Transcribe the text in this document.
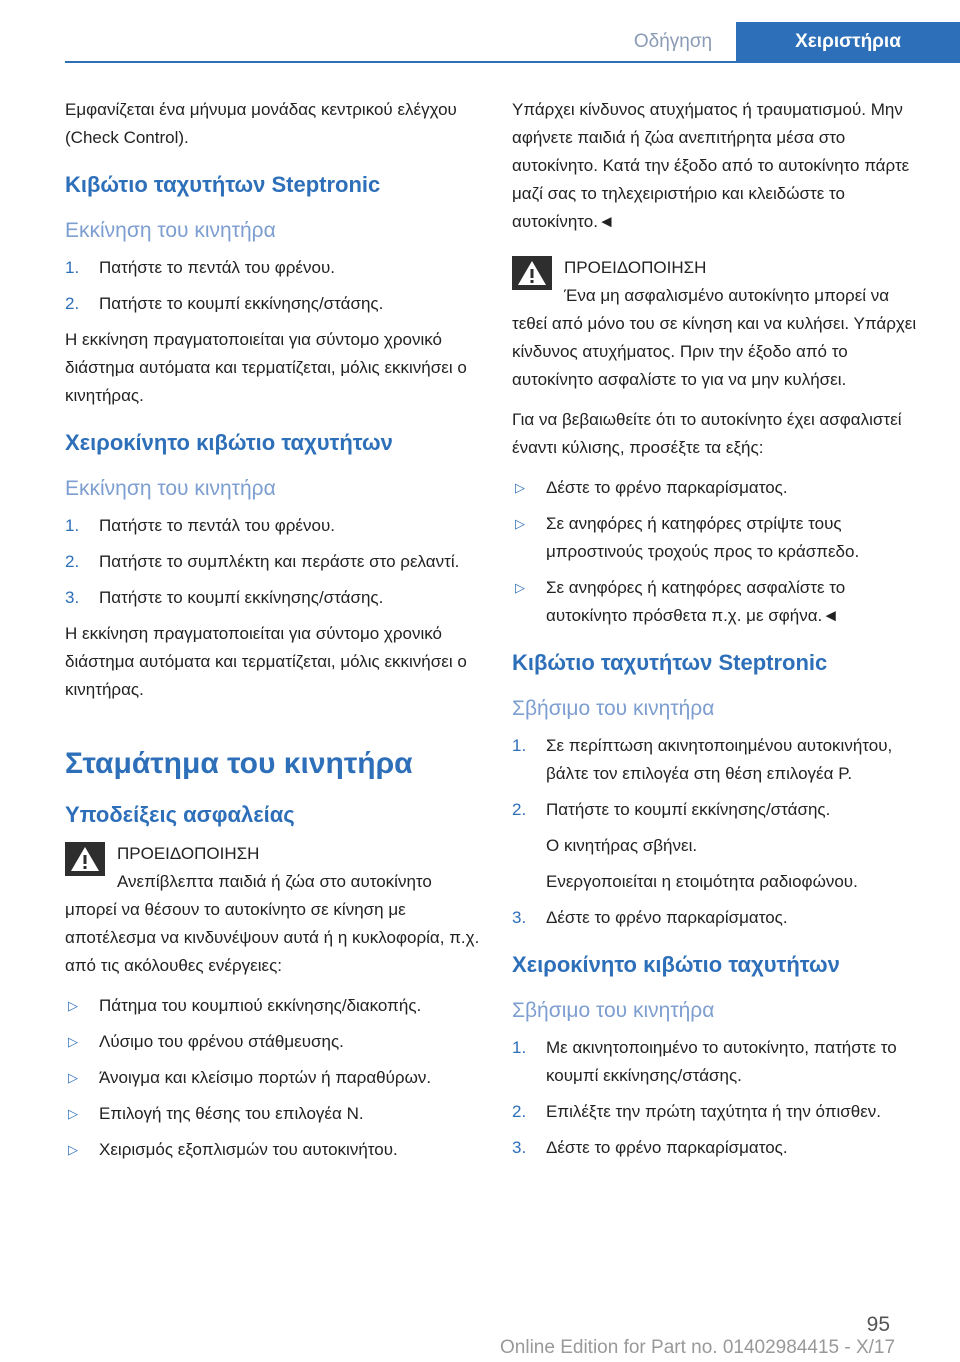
Οδήγηση	Χειριστήρια

Εμφανίζεται ένα μήνυμα μονάδας κεντρικού ελέγχου (Check Control).

Κιβώτιο ταχυτήτων Steptronic
Εκκίνηση του κινητήρα
1.	Πατήστε το πεντάλ του φρένου.
2.	Πατήστε το κουμπί εκκίνησης/στάσης.

Η εκκίνηση πραγματοποιείται για σύντομο χρονικό διάστημα αυτόματα και τερματίζεται, μόλις εκκινήσει ο κινητήρας.

Χειροκίνητο κιβώτιο ταχυτήτων
Εκκίνηση του κινητήρα
1.	Πατήστε το πεντάλ του φρένου.
2.	Πατήστε το συμπλέκτη και περάστε στο ρελαντί.
3.	Πατήστε το κουμπί εκκίνησης/στάσης.

Η εκκίνηση πραγματοποιείται για σύντομο χρονικό διάστημα αυτόματα και τερματίζεται, μόλις εκκινήσει ο κινητήρας.

Σταμάτημα του κινητήρα
Υποδείξεις ασφαλείας
ΠΡΟΕΙΔΟΠΟΙΗΣΗ
Ανεπίβλεπτα παιδιά ή ζώα στο αυτοκίνητο μπορεί να θέσουν το αυτοκίνητο σε κίνηση με αποτέλεσμα να κινδυνέψουν αυτά ή η κυκλοφορία, π.χ. από τις ακόλουθες ενέργειες:
▷	Πάτημα του κουμπιού εκκίνησης/διακοπής.
▷	Λύσιμο του φρένου στάθμευσης.
▷	Άνοιγμα και κλείσιμο πορτών ή παραθύρων.
▷	Επιλογή της θέσης του επιλογέα N.
▷	Χειρισμός εξοπλισμών του αυτοκινήτου.

Υπάρχει κίνδυνος ατυχήματος ή τραυματισμού. Μην αφήνετε παιδιά ή ζώα ανεπιτήρητα μέσα στο αυτοκίνητο. Κατά την έξοδο από το αυτοκίνητο πάρτε μαζί σας το τηλεχειριστήριο και κλειδώστε το αυτοκίνητο.◄

ΠΡΟΕΙΔΟΠΟΙΗΣΗ
Ένα μη ασφαλισμένο αυτοκίνητο μπορεί να τεθεί από μόνο του σε κίνηση και να κυλήσει. Υπάρχει κίνδυνος ατυχήματος. Πριν την έξοδο από το αυτοκίνητο ασφαλίστε το για να μην κυλήσει.

Για να βεβαιωθείτε ότι το αυτοκίνητο έχει ασφαλιστεί έναντι κύλισης, προσέξτε τα εξής:

▷	Δέστε το φρένο παρκαρίσματος.
▷	Σε ανηφόρες ή κατηφόρες στρίψτε τους μπροστινούς τροχούς προς το κράσπεδο.
▷	Σε ανηφόρες ή κατηφόρες ασφαλίστε το αυτοκίνητο πρόσθετα π.χ. με σφήνα.◄
Κιβώτιο ταχυτήτων Steptronic
Σβήσιμο του κινητήρα
1.	Σε περίπτωση ακινητοποιημένου αυτοκινήτου, βάλτε τον επιλογέα στη θέση επιλογέα P.
2.	Πατήστε το κουμπί εκκίνησης/στάσης.
Ο κινητήρας σβήνει.
Ενεργοποιείται η ετοιμότητα ραδιοφώνου.
3.	Δέστε το φρένο παρκαρίσματος.
Χειροκίνητο κιβώτιο ταχυτήτων
Σβήσιμο του κινητήρα
1.	Με ακινητοποιημένο το αυτοκίνητο, πατήστε το κουμπί εκκίνησης/στάσης.
2.	Επιλέξτε την πρώτη ταχύτητα ή την όπισθεν.
3.	Δέστε το φρένο παρκαρίσματος.
95
Online Edition for Part no. 01402984415 - X/17
